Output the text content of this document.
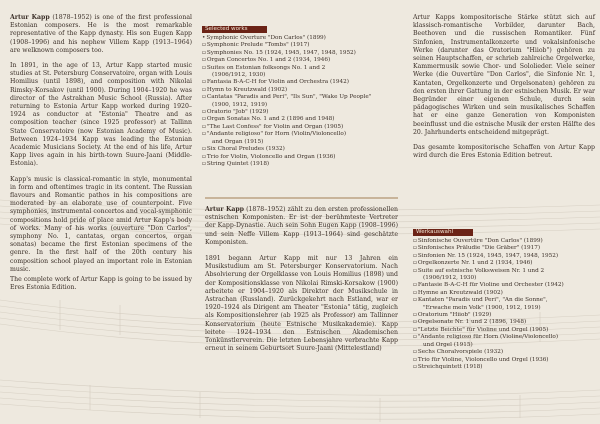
Artur Kapp (1878–1952) is one of the first professional Estonian composers. He is the most remarkable representative of the Kapp dynasty. His son Eugen Kapp (1908–1996) and his nephew Villem Kapp (1913–1964) are welknown composers too.

In 1891, in the age of 13, Artur Kapp started music studies at St. Petersburg Conservatoire, organ with Louis Homilius (until 1898), and composition with Nikolai Rimsky-Korsakov (until 1900). During 1904–1920 he was director of the Astrakhan Music School (Russia). After returning to Estonia Artur Kapp worked during 1920–1924 as conductor at "Estonia" Theatre and as composition teacher (since 1925 professor) at Tallinn State Conservatoire (now Estonian Academy of Music). Between 1924–1934 Kapp was leading the Estonian Academic Musicians Society. At the end of his life, Artur Kapp lives again in his birth-town Suure-Jaani (Middle-Estonia).

Kapp's music is classical-romantic in style, monumental in form and oftentimes tragic in its content. The Russian flavours and Romantic pathos in his compositions are moderated by an elaborate use of counterpoint. Five symphonies, instrumental concertos and vocal-symphonic compositions hold pride of place amid Artur Kapp's body of works. Many of his works (ouverture "Don Carlos", symphony No. 1, cantatas, organ concertos, organ sonatas) became the first Estonian specimens of the genre. In the first half of the 20th century his composition school played an important role in Estonian music.

The complete work of Artur Kapp is going to be issued by Eres Estonia Edition.

Selected works
• Symphonic Overture "Don Carlos" (1899)
▫ Symphonic Prelude "Tombs" (1917)
▫ Symphonies No. 15 (1924, 1945, 1947, 1948, 1952)
▫ Organ Concertos No. 1 and 2 (1934, 1946)
▫ Suites on Estonian folksongs No. 1 and 2
(1906/1912, 1930)
▫ Fantasia B-A-C-H for Violin and Orchestra (1942)
▫ Hymn to Kreutzwald (1902)
▫ Cantatas "Paradis and Peri", "Ils Sun", "Wake Up People"
(1900, 1912, 1919)
▫ Oratorio "Job" (1929)
▫ Organ Sonatas No. 1 and 2 (1896 and 1948)
▫ "The Last Confess" for Violin and Organ (1905)
▫ "Andante religioso" for Horn (Violin/Violoncello)
and Organ (1915)
▫ Six Choral Preludes (1932)
▫ Trio for Violin, Violoncello and Organ (1936)
▫ String Quintet (1918)

Artur Kapp (1878–1952) zählt zu den ersten professionellen estnischen Komponisten. Er ist der berühmteste Vertreter der Kapp-Dynastie. Auch sein Sohn Eugen Kapp (1908–1996) und sein Neffe Villem Kapp (1913–1964) sind geschätzte Komponisten.

1891 begann Artur Kapp mit nur 13 Jahren ein Musikstudium am St. Petersburger Konservatorium. Nach Absolvierung der Orgelklasse von Louis Homilius (1898) und der Kompositionsklasse von Nikolai Rimski-Korsakow (1900) arbeitete er 1904–1920 als Direktor der Musikschule in Astrachan (Russland). Zurückgekehrt nach Estland, war er 1920–1924 als Dirigent am Theater "Estonia" tätig, zugleich als Kompositionslehrer (ab 1925 als Professor) am Tallinner Konservatorium (heute Estnische Musikakademie). Kapp leitete 1924–1934 den Estnischen Akademischen Tonkünstlerverein. Die letzten Lebensjahre verbrachte Kapp erneut in seinem Geburtsort Suure-Jaani (Mittelestland)

Artur Kapps kompositorische Stärke stützt sich auf klassisch-romantische Vorbilder, darunter Bach, Beethoven und die russischen Romantiker. Fünf Sinfonien, Instrumentalkonzerte und vokalsinfonische Werke (darunter das Oratorium "Hiiob") gehören zu seinen Hauptschaffen, er schrieb zahlreiche Orgelwerke, Kammermusik sowie Chor- und Sololieder. Viele seiner Werke (die Ouvertüre "Don Carlos", die Sinfonie Nr. 1, Kantaten, Orgelkonzerte und Orgelsonaten) gehören zu den ersten ihrer Gattung in der estnischen Musik. Er war Begründer einer eigenen Schule, durch sein pädagogisches Wirken und sein musikalisches Schaffen hat er eine ganze Generation von Komponisten beeinflusst und die estnische Musik der ersten Hälfte des 20. Jahrhunderts entscheidend mitgeprägt.

Das gesamte kompositorische Schaffen von Artur Kapp wird durch die Eres Estonia Edition betreut.

Werkauswahl
▫ Sinfonische Ouvertüre "Don Carlos" (1899)
▫ Sinfonisches Präludie "Die Gräber" (1917)
▫ Sinfonien Nr. 15 (1924, 1945, 1947, 1948, 1952)
▫ Orgelkonzerte Nr. 1 und 2 (1934, 1946)
▫ Suite auf estnische Volksweisen Nr. 1 und 2
(1906/1912, 1930)
▫ Fantasie B-A-C-H für Violine und Orchester (1942)
▫ Hymne an Kreutzwald (1902)
▫ Kantaten "Paradis und Peri", "An die Sonne",
"Erwache mein Volk" (1900, 1912, 1919)
▫ Oratorium "Hiiob" (1929)
▫ Orgelsonate Nr. 1 und 2 (1896, 1948)
▫ "Letzte Beichte" für Violine und Orgel (1905)
▫ "Andante religioso für Horn (Violine/Violoncello)
und Orgel (1915)
▫ Sechs Choralvorspiele (1932)
▫ Trio für Violine, Violoncello und Orgel (1936)
▫ Streichquintett (1918)
